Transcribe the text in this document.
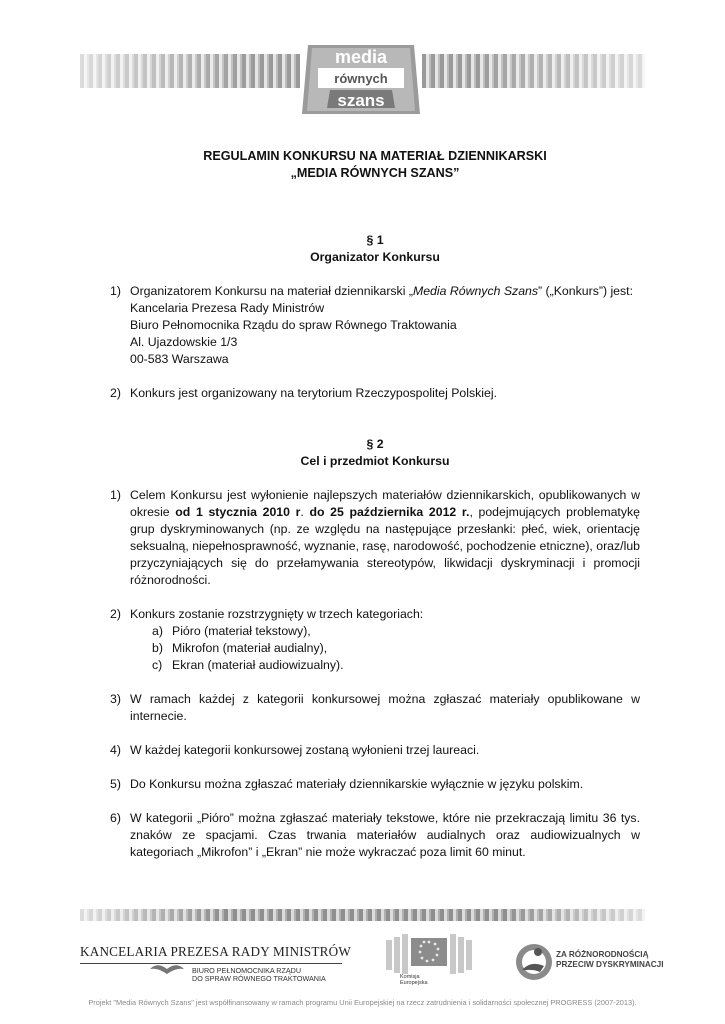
media
równych
szans
REGULAMIN KONKURSU NA MATERIAŁ DZIENNIKARSKI
„MEDIA RÓWNYCH SZANS”
§ 1
Organizator Konkursu
1) Organizatorem Konkursu na materiał dziennikarski „Media Równych Szans” („Konkurs”) jest:
Kancelaria Prezesa Rady Ministrów
Biuro Pełnomocnika Rządu do spraw Równego Traktowania
Al. Ujazdowskie 1/3
00-583 Warszawa
2) Konkurs jest organizowany na terytorium Rzeczypospolitej Polskiej.
§ 2
Cel i przedmiot Konkursu
1) Celem Konkursu jest wyłonienie najlepszych materiałów dziennikarskich, opublikowanych w okresie od 1 stycznia 2010 r. do 25 października 2012 r., podejmujących problematykę grup dyskryminowanych (np. ze względu na następujące przesłanki: płeć, wiek, orientację seksualną, niepełnosprawność, wyznanie, rasę, narodowość, pochodzenie etniczne), oraz/lub przyczyniających się do przełamywania stereotypów, likwidacji dyskryminacji i promocji różnorodności.
2) Konkurs zostanie rozstrzygnięty w trzech kategoriach:
a) Pióro (materiał tekstowy),
b) Mikrofon (materiał audialny),
c) Ekran (materiał audiowizualny).
3) W ramach każdej z kategorii konkursowej można zgłaszać materiały opublikowane w internecie.
4) W każdej kategorii konkursowej zostaną wyłonieni trzej laureaci.
5) Do Konkursu można zgłaszać materiały dziennikarskie wyłącznie w języku polskim.
6) W kategorii „Pióro” można zgłaszać materiały tekstowe, które nie przekraczają limitu 36 tys. znaków ze spacjami. Czas trwania materiałów audialnych oraz audiowizualnych w kategoriach „Mikrofon” i „Ekran” nie może wykraczać poza limit 60 minut.
KANCELARIA PREZESA RADY MINISTRÓW
BIURO PEŁNOMOCNIKA RZĄDU
DO SPRAW RÓWNEGO TRAKTOWANIA	Komisja
Europejska
ZA RÓŻNORODNOŚCIĄ
PRZECIW DYSKRYMINACJI
Projekt "Media Równych Szans" jest współfinansowany w ramach programu Unii Europejskiej na rzecz zatrudnienia i solidarności społecznej PROGRESS (2007-2013).
